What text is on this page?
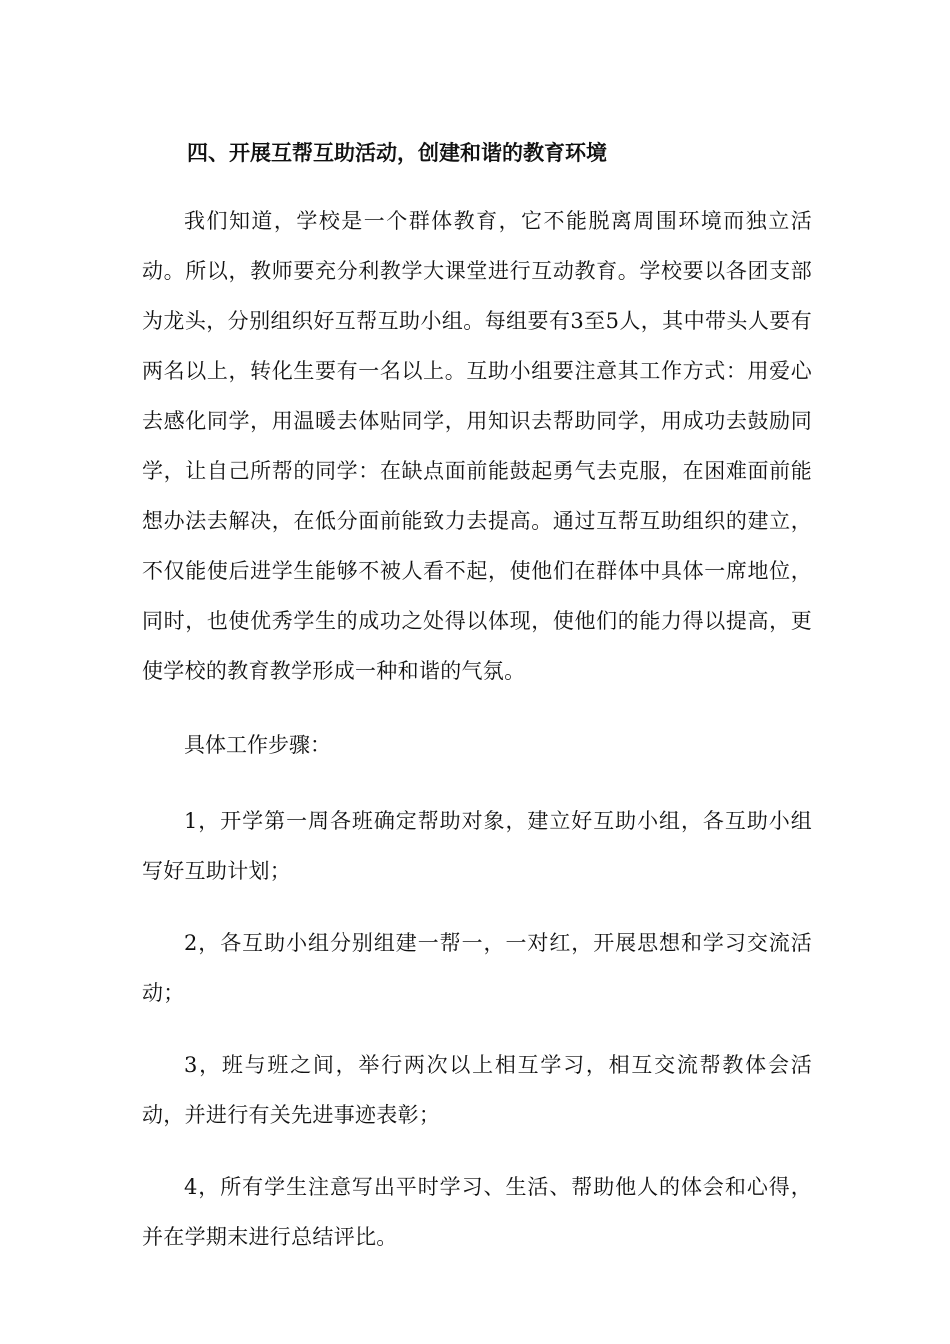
四、开展互帮互助活动，创建和谐的教育环境

我们知道，学校是一个群体教育，它不能脱离周围环境而独立活动。所以，教师要充分利教学大课堂进行互动教育。学校要以各团支部为龙头，分别组织好互帮互助小组。每组要有3至5人，其中带头人要有两名以上，转化生要有一名以上。互助小组要注意其工作方式：用爱心去感化同学，用温暖去体贴同学，用知识去帮助同学，用成功去鼓励同学，让自己所帮的同学：在缺点面前能鼓起勇气去克服，在困难面前能想办法去解决，在低分面前能致力去提高。通过互帮互助组织的建立，不仅能使后进学生能够不被人看不起，使他们在群体中具体一席地位，同时，也使优秀学生的成功之处得以体现，使他们的能力得以提高，更使学校的教育教学形成一种和谐的气氛。

具体工作步骤：

1，开学第一周各班确定帮助对象，建立好互助小组，各互助小组写好互助计划；

2，各互助小组分别组建一帮一，一对红，开展思想和学习交流活动；

3，班与班之间，举行两次以上相互学习，相互交流帮教体会活动，并进行有关先进事迹表彰；

4，所有学生注意写出平时学习、生活、帮助他人的体会和心得，并在学期末进行总结评比。
